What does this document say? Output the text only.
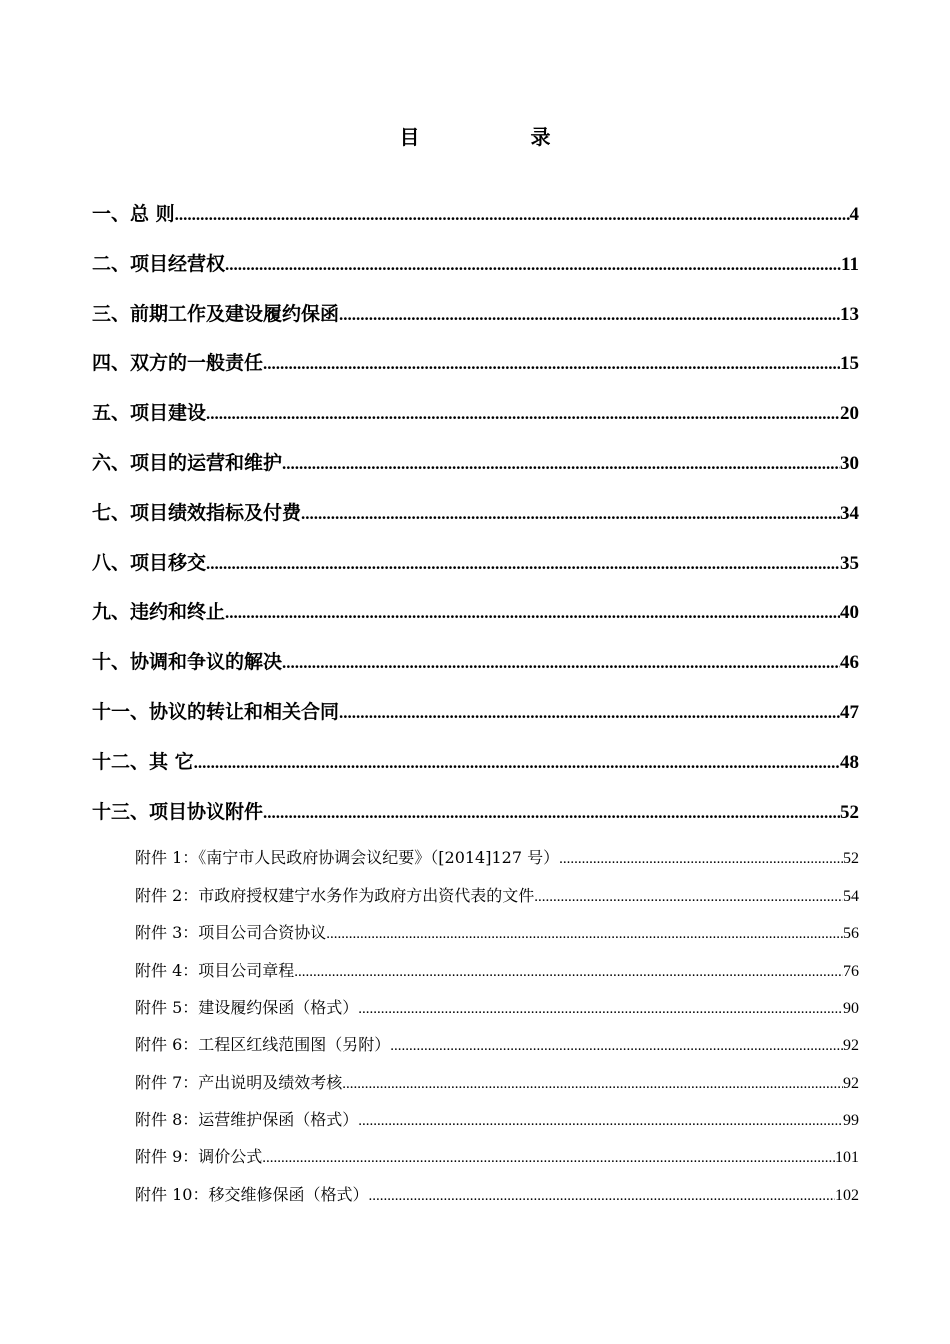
目 录
一、总 则 .....	4
二、项目经营权 .....	11
三、前期工作及建设履约保函 .....	13
四、双方的一般责任 .....	15
五、项目建设 .....	20
六、项目的运营和维护 .....	30
七、项目绩效指标及付费 .....	34
八、项目移交 .....	35
九、违约和终止 .....	40
十、协调和争议的解决 .....	46
十一、协议的转让和相关合同 .....	47
十二、其 它 .....	48
十三、项目协议附件 .....	52
附件 1：《南宁市人民政府协调会议纪要》（[2014]127 号） .....	52
附件 2：市政府授权建宁水务作为政府方出资代表的文件 .....	54
附件 3：项目公司合资协议 .....	56
附件 4：项目公司章程 .....	76
附件 5：建设履约保函（格式） .....	90
附件 6：工程区红线范围图（另附） .....	92
附件 7：产出说明及绩效考核 .....	92
附件 8：运营维护保函（格式） .....	99
附件 9：调价公式 .....	101
附件 10：移交维修保函（格式） .....	102
